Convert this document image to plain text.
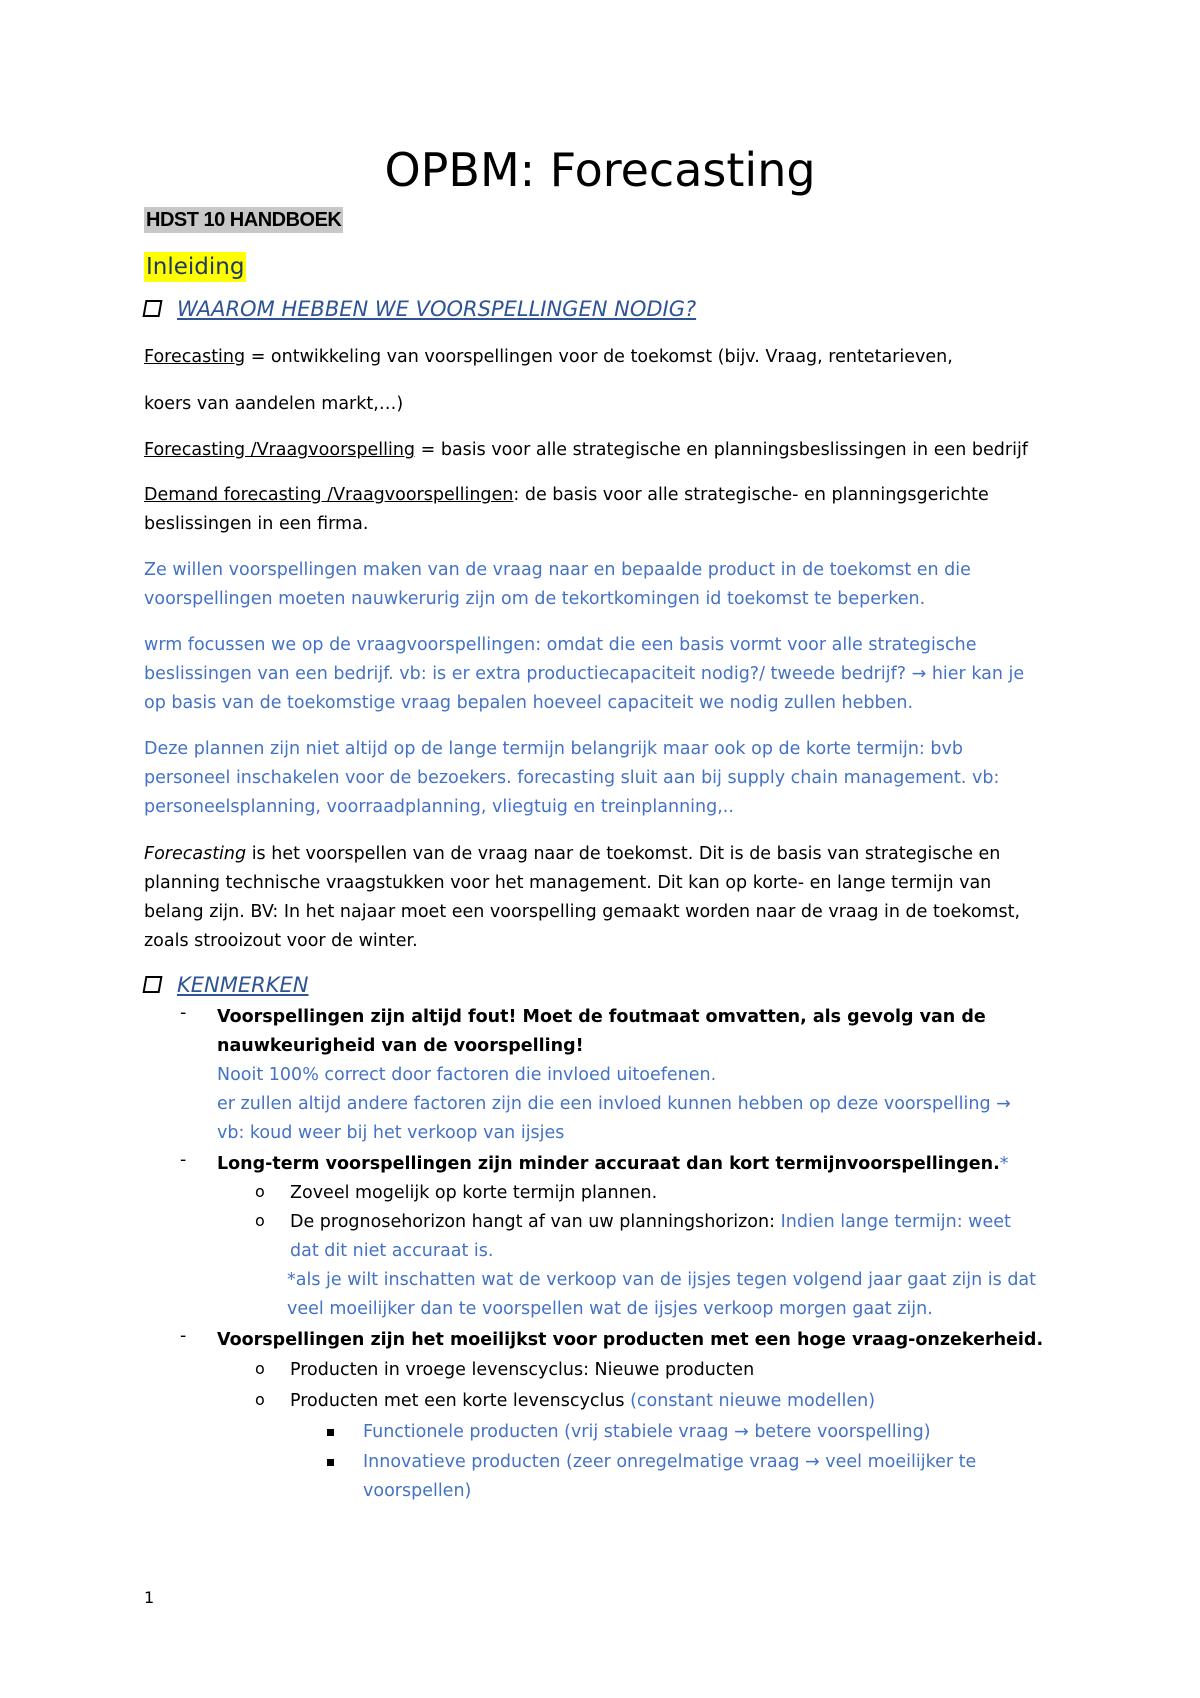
OPBM: Forecasting
HDST 10 HANDBOEK
Inleiding
WAAROM HEBBEN WE VOORSPELLINGEN NODIG?
Forecasting = ontwikkeling van voorspellingen voor de toekomst (bijv. Vraag, rentetarieven,
koers van aandelen markt,…)
Forecasting /Vraagvoorspelling = basis voor alle strategische en planningsbeslissingen in een bedrijf
Demand forecasting /Vraagvoorspellingen: de basis voor alle strategische- en planningsgerichte
beslissingen in een firma.
Ze willen voorspellingen maken van de vraag naar en bepaalde product in de toekomst en die
voorspellingen moeten nauwkerurig zijn om de tekortkomingen id toekomst te beperken.
wrm focussen we op de vraagvoorspellingen: omdat die een basis vormt voor alle strategische
beslissingen van een bedrijf. vb: is er extra productiecapaciteit nodig?/ tweede bedrijf? → hier kan je
op basis van de toekomstige vraag bepalen hoeveel capaciteit we nodig zullen hebben.
Deze plannen zijn niet altijd op de lange termijn belangrijk maar ook op de korte termijn: bvb
personeel inschakelen voor de bezoekers. forecasting sluit aan bij supply chain management. vb:
personeelsplanning, voorraadplanning, vliegtuig en treinplanning,..
Forecasting is het voorspellen van de vraag naar de toekomst. Dit is de basis van strategische en
planning technische vraagstukken voor het management. Dit kan op korte- en lange termijn van
belang zijn. BV: In het najaar moet een voorspelling gemaakt worden naar de vraag in de toekomst,
zoals strooizout voor de winter.
KENMERKEN
- Voorspellingen zijn altijd fout! Moet de foutmaat omvatten, als gevolg van de
nauwkeurigheid van de voorspelling!
Nooit 100% correct door factoren die invloed uitoefenen.
er zullen altijd andere factoren zijn die een invloed kunnen hebben op deze voorspelling →
vb: koud weer bij het verkoop van ijsjes
- Long-term voorspellingen zijn minder accuraat dan kort termijnvoorspellingen.*
o Zoveel mogelijk op korte termijn plannen.
o De prognosehorizon hangt af van uw planningshorizon: Indien lange termijn: weet
dat dit niet accuraat is.
*als je wilt inschatten wat de verkoop van de ijsjes tegen volgend jaar gaat zijn is dat
veel moeilijker dan te voorspellen wat de ijsjes verkoop morgen gaat zijn.
- Voorspellingen zijn het moeilijkst voor producten met een hoge vraag-onzekerheid.
o Producten in vroege levenscyclus: Nieuwe producten
o Producten met een korte levenscyclus (constant nieuwe modellen)
Functionele producten (vrij stabiele vraag → betere voorspelling)
Innovatieve producten (zeer onregelmatige vraag → veel moeilijker te
voorspellen)
1
